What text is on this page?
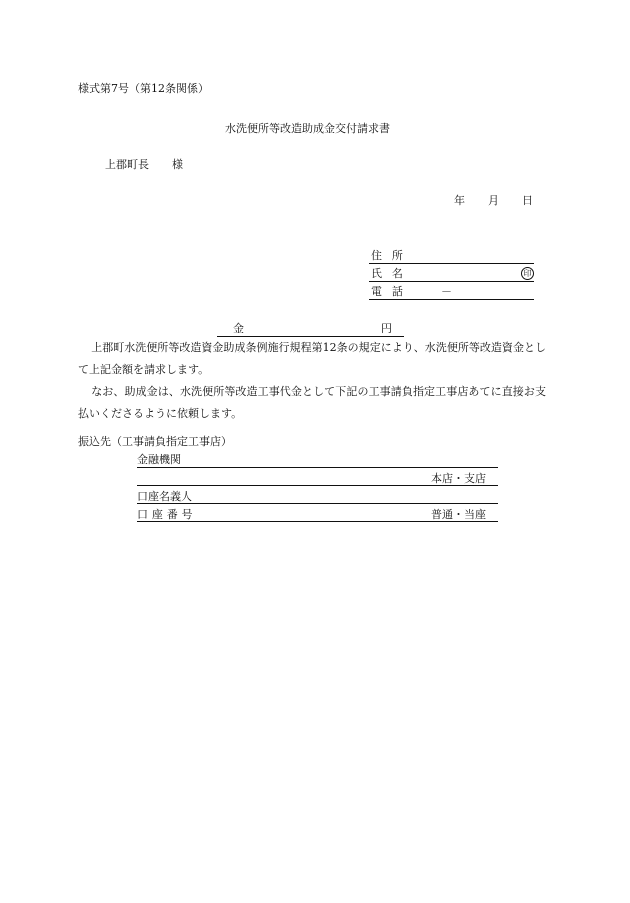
様式第7号（第12条関係）
水洗便所等改造助成金交付請求書
上郡町長 様
年 月 日
住所
氏名	印
電話	－
金	円
上郡町水洗便所等改造資金助成条例施行規程第12条の規定により、水洗便所等改造資金として上記金額を請求します。
なお、助成金は、水洗便所等改造工事代金として下記の工事請負指定工事店あてに直接お支払いくださるように依頼します。
振込先（工事請負指定工事店）
金融機関
本店・支店
口座名義人
口座番号	普通・当座
